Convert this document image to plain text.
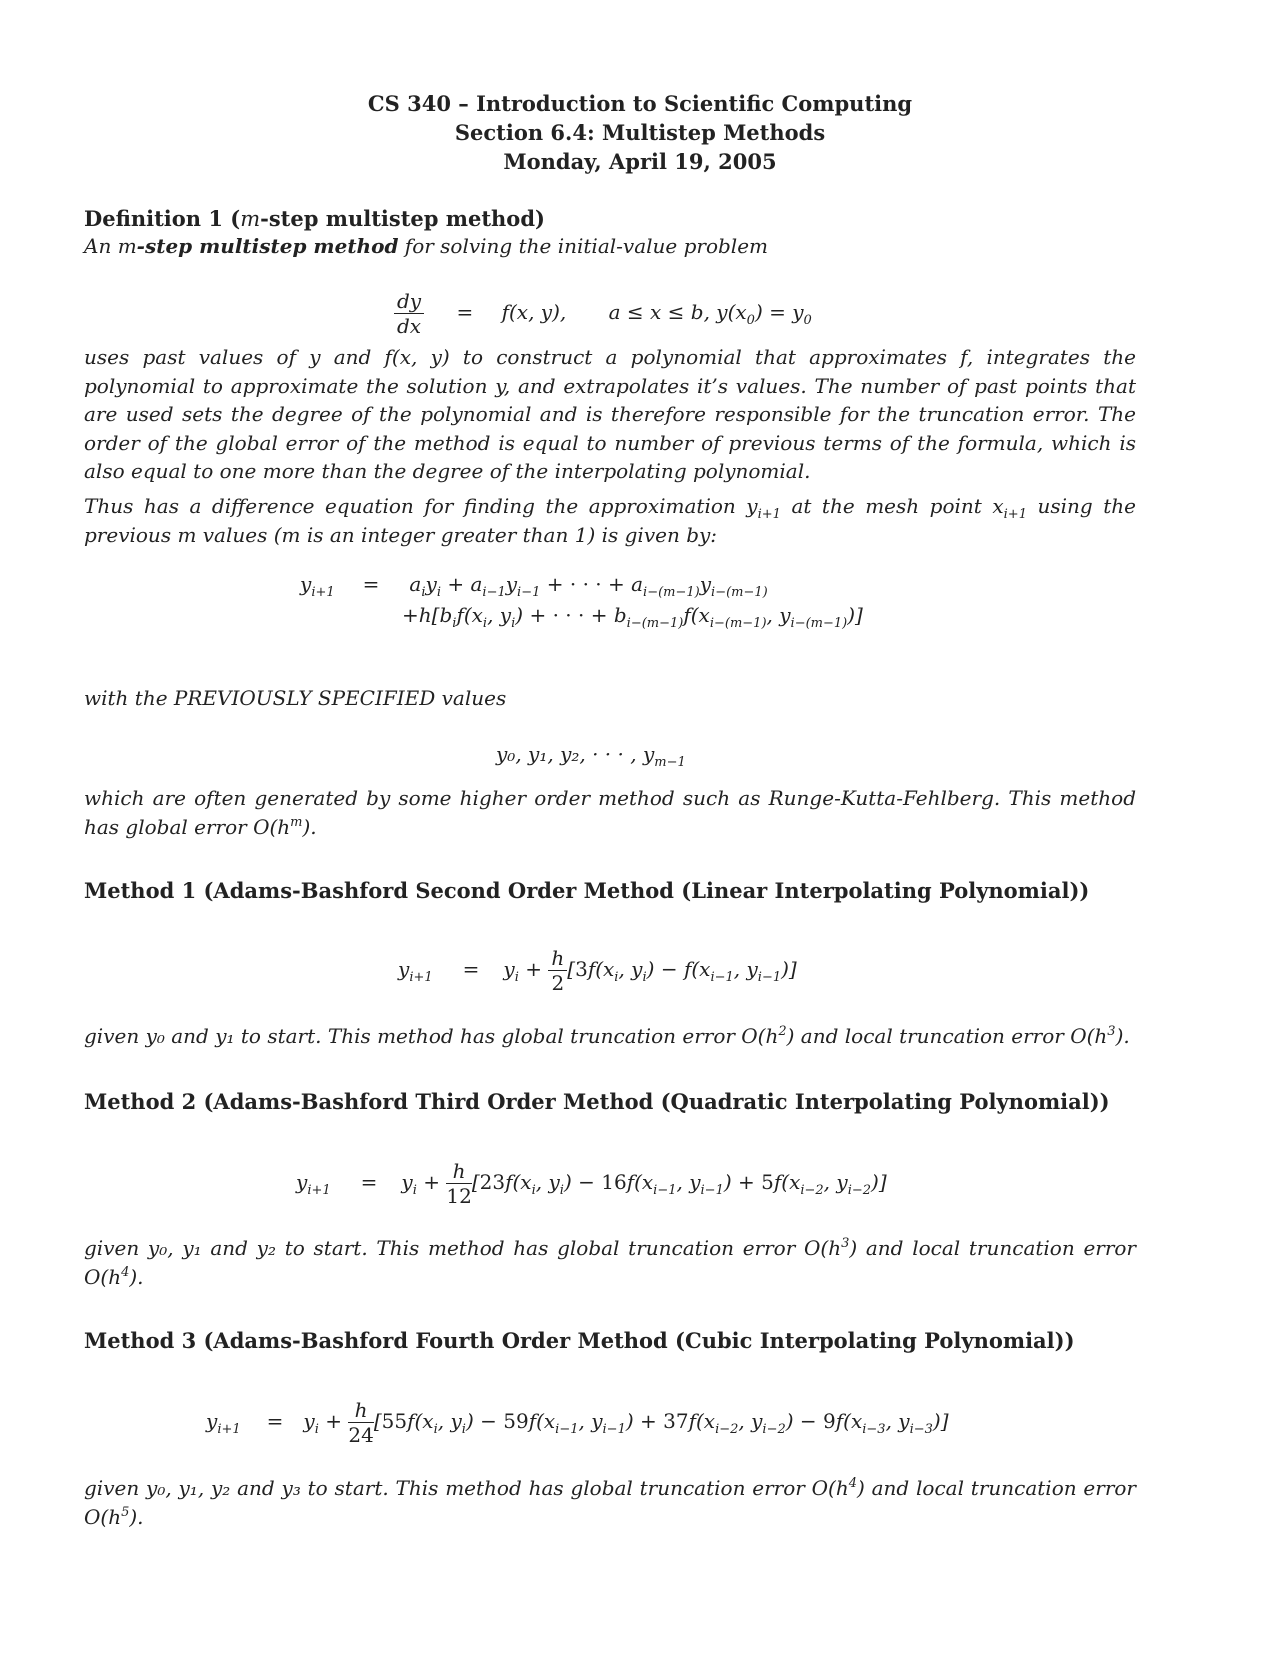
CS 340 – Introduction to Scientific Computing
Section 6.4: Multistep Methods
Monday, April 19, 2005
Definition 1 (m-step multistep method)
An m-step multistep method for solving the initial-value problem
$\frac{dy}{dx} = f(x$, y), a ≤ x ≤ b, $y(x_0) = y_0$
uses past values of y and f(x, y) to construct a polynomial that approximates f, integrates the polynomial to approximate the solution y, and extrapolates it’s values. The number of past points that are used sets the degree of the polynomial and is therefore responsible for the truncation error. The order of the global error of the method is equal to number of previous terms of the formula, which is also equal to one more than the degree of the interpolating polynomial.
Thus has a difference equation for finding the approximation $y_{i+1}$ at the mesh point $x_{i+1}$ using the previous m values (m is an integer greater than 1) is given by:
$y_{i+1} = a_iy_i + a_{i-1}y_{i-1}$ + · · · + $a_{i-(m-1)}y_{i-(m-1)}$
$+h[b_if(x_i$, $y_i$) + · · · + $b_{i-(m-1)}f(x_{i-(m-1)}$, $y_{i-(m-1)}$)]
with the PREVIOUSLY SPECIFIED values
y₀, y₁, y₂, · · · , $y_{m-1}$
which are often generated by some higher order method such as Runge-Kutta-Fehlberg. This method has global error $O(h^m)$.
Method 1 (Adams-Bashford Second Order Method (Linear Interpolating Polynomial))
$y_{i+1} = y_i + \frac{h}{2} [3f(x_i$, $y_i) - f(x_{i-1}$, $y_{i-1}$)]
given y₀ and y₁ to start. This method has global truncation error $O(h^2)$ and local truncation error $O(h^3)$.
Method 2 (Adams-Bashford Third Order Method (Quadratic Interpolating Polynomial))
$y_{i+1} = y_i + \frac{h}{12} [23f(x_i$, $y_i) - 16f(x_{i-1}$, $y_{i-1}) + 5f(x_{i-2}$, $y_{i-2}$)]
given y₀, y₁ and y₂ to start. This method has global truncation error $O(h^3)$ and local truncation error $O(h^4)$.
Method 3 (Adams-Bashford Fourth Order Method (Cubic Interpolating Polynomial))
$y_{i+1} = y_i + \frac{h}{24} [55f(x_i$, $y_i) - 59f(x_{i-1}$, $y_{i-1}) + 37f(x_{i-2}$, $y_{i-2}) - 9f(x_{i-3}$, $y_{i-3}$)]
given y₀, y₁, y₂ and y₃ to start. This method has global truncation error $O(h^4)$ and local truncation error $O(h^5)$.
